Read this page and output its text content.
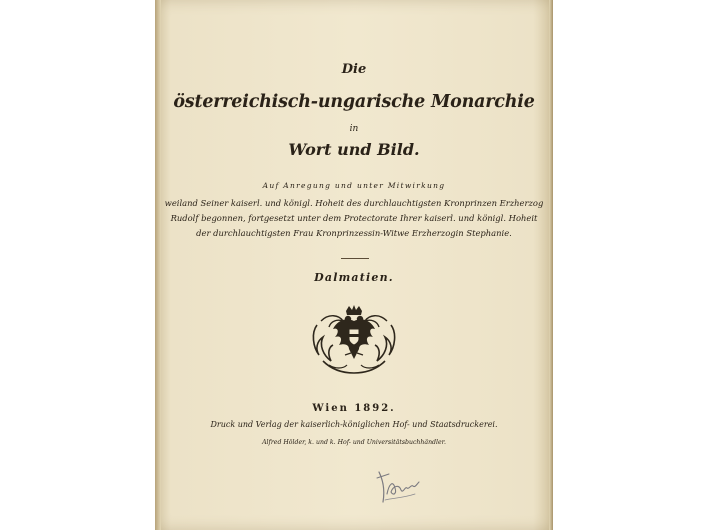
Die
österreichisch-ungarische Monarchie
in
Wort und Bild.
Auf Anregung und unter Mitwirkung
weiland Seiner kaiserl. und königl. Hoheit des durchlauchtigsten Kronprinzen Erzherzog
Rudolf begonnen, fortgesetzt unter dem Protectorate Ihrer kaiserl. und königl. Hoheit
der durchlauchtigsten Frau Kronprinzessin-Witwe Erzherzogin Stephanie.
Dalmatien.
Wien 1892.
Druck und Verlag der kaiserlich-königlichen Hof- und Staatsdruckerei.
Alfred Hölder, k. und k. Hof- und Universitätsbuchhändler.
